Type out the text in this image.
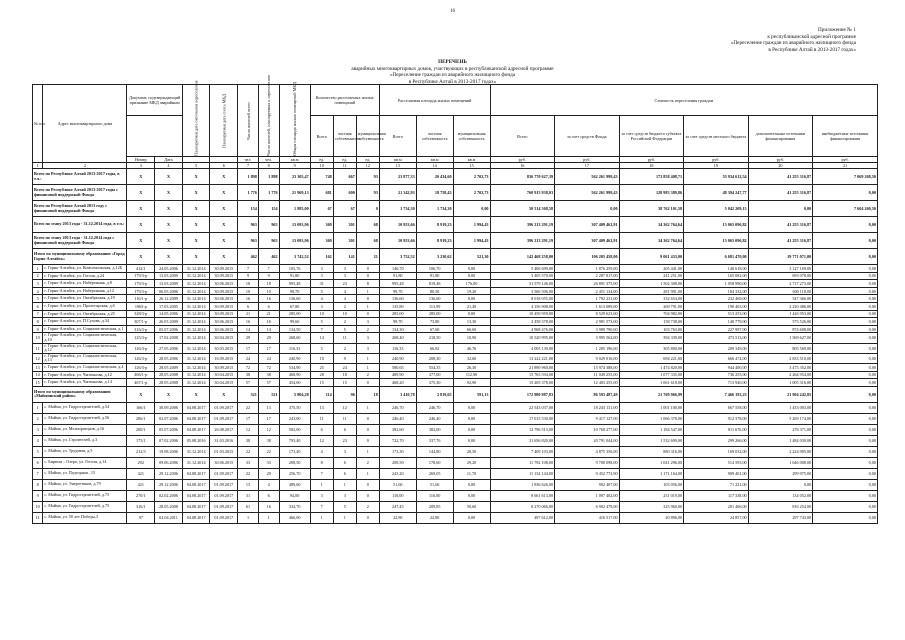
16
Приложение № 1
к республиканской адресной программе
«Переселение граждан из аварийного жилищного фонда
в Республике Алтай в 2013-2017 годах»
ПЕРЕЧЕНЬ
аварийных многоквартирных домов, участвующих в республиканской адресной программе
«Переселение граждан из аварийного жилищного фонда
в Республике Алтай в 2013-2017 годах»
№ п/п	Адрес многоквартирного дома	Документ, подтверждающий признание МКД аварийным		Планируемая дата окончания переселения	Планируемая дата сноса МКД	Число жителей всего	Число жителей, планируемых к переселению	Общая площадь жилых помещений МКД	Количество расселяемых жилых помещений			Расселяемая площадь жилых помещений			Стоимость переселения граждан					
									Всего	частная собственность	муниципальная собственность	Всего	частная собственность	муниципальная собственность	Всего	за счет средств Фонда	за счет средств бюджета субъекта Российской Федерации	за счет средств местного бюджета	дополнительные источники финансирования	внебюджетные источники финансирования
		Номер	Дата			чел.	чел.	кв.м	ед.	ед.	ед.	кв.м	кв.м	кв.м	руб.	руб.	руб.	руб.	руб.	руб.
1	2	3	4	5	6	7	8	9	10	11	12	13	14	15	16	17	18	19	20	21
Всего по Республике Алтай 2013-2017 годы, в т.ч.:		X	X	X	X	1 898	1 898	23 305,47	748	667	93	23 877,33	20 434,60	2 702,73	836 770 627,39	562 261 999,43	173 858 408,71	53 934 612,54	41 255 316,87	7 069 268,50
Всего по Республике Алтай 2013-2017 годы с финансовой поддержкой Фонда		X	X	X	X	1 776	1 776	21 969,13	681	600	93	21 342,93	18 758,43	2 702,73	760 915 938,03	562 261 999,43	128 983 389,86	48 394 247,77	41 255 316,87	0,00
Всего по Республике Алтай 2013 году с финансовой поддержкой Фонда		X	X	X	X	154	154	1 885,00	67	67	0	1 734,30	1 734,30	0,00	50 514 568,58	0,00	38 762 101,58	5 042 209,15	0,00	7 604 260,50
Всего по этапу 2013 года - 31.12.2014 года, в т.ч.:		X	X	X	X	963	963	13 093,96	369	301	68	10 953,66	8 919,23	1 994,43	396 213 291,19	307 409 462,91	34 362 764,64	13 065 096,82	41 255 316,87	0,00
Всего по этапу 2013 года - 31.12.2014 года с финансовой поддержкой Фонда		X	X	X	X	963	963	13 093,96	369	301	68	10 953,66	8 919,23	1 994,43	396 213 291,19	307 409 462,91	34 362 764,64	13 065 096,82	41 255 316,87	0,00
Итого по муниципальному образованию «Город Горно-Алтайск»		X	X	X	X	462	462	3 742,52	162	141	21	3 752,52	3 230,62	521,30	142 468 258,00	106 205 458,00	9 061 433,00	6 681 470,00	19 771 071,00	0,00
1	г. Горно-Алтайск, ул. Комсомольская, д.12Б	412/1	24.05.2006	31.12.2014	30.09.2015	7	7	105,76	3	3	0	146,70	106,70	0,00	5 406 699,00	1 876 259,00	205 441,00	140 618,00	3 127 169,00	0,00
2	г. Горно-Алтайск, ул. Гоголя, д.24	179/3-р	13.03.2009	31.12.2014	30.09.2015	9	9	91,80	3	3	0	91,80	91,80	0,00	3 405 570,00	2 287 817,00	241 251,00	165 082,00	693 078,00	0,00
3	г. Горно-Алтайск, ул. Набережная, д.8	179/3-р	13.03.2009	31.12.2014	30.06.2015	18	18	995,48	31	23	8	995,48	819,48	176,00	31 579 146,00	26 891 375,00	1 502 308,00	1 058 990,00	2 717 273,00	0,00
4	г. Горно-Алтайск, ул. Набережная, д.12	179/3-р	06.05.2006	31.12.2014	30.09.2015	10	10	99,70	5	4	1	99,70	80,50	19,20	3 566 506,00	2 451 134,00	281 991,00	184 332,00	600 118,00	0,00
5	г. Горно-Алтайск, ул. Октябрьская, д.19	116/1-р	26.12.2009	31.12.2014	30.06.2015	16	16	136,60	4	4	0	136,60	136,60	0,00	8 018 055,00	1 792 231,00	332 654,00	232 469,00	547 366,00	0,00
6	г. Горно-Алтайск, ул. Пролетарская, д.6	1965-р	17.03.2005	31.12.2014	30.09.2015	6	6	67,80	3	2	1	135,80	113,99	21,49	4 156 908,00	1 613 089,00	269 791,00	190 403,00	2 220 486,00	0,00
7	г. Горно-Алтайск, ул. Октябрьская, д.25	328/3-р	14.05.2006	31.12.2014	30.09.2015	21	21	285,00	10	10	0	285,00	285,00	0,00	10 459 959,00	8 529 623,00	704 982,00	513 253,00	1 426 953,00	0,00
8	г. Горно-Алтайск, ул. П.Сухова, д.34	307/1-р	26.03.2009	31.12.2014	30.06.2015	16	16	99,60	5	2	3	99,70	73,80	13,30	2 458 378,00	2 981 573,00	158 738,00	140 779,00	573 526,00	0,00
9	г. Горно-Алтайск, ул. Социалистическая, д.1	316/3-р	05.07.2006	31.12.2014	30.06.2015	14	14	134,50	7	5	2	134,30	67,60	66,60	4 968 476,00	3 989 790,00	103 763,00	227 997,00	874 608,00	0,00
10	г. Горно-Алтайск, ул. Социалистическая, д.10	125/3-р	17.02.2008	31.12.2014	30.04.2015	29	29	268,60	14	11	3	268,40	218,50	10,90	10 520 995,00	3 995 562,00	394 339,00	473 513,00	1 569 627,00	0,00
11	г. Горно-Алтайск, ул. Социалистическая, д.12	126/3-р	27.05.2006	31.12.2014	30.03.2015	17	17	116,33	5	2	3	116,33	66,82	46,76	4 005 139,00	1 205 196,00	305 800,00	209 349,00	805 569,00	0,00
12	г. Горно-Алтайск, ул. Социалистическая, д.13	126/3-р	28.05.2006	31.12.2014	16.09.2015	24	24	240,90	10	9	1	240,90	208,30	32,60	13 222 221,00	9 029 016,00	694 221,00	666 474,00	2 833 510,00	0,00
13	г. Горно-Алтайск, ул. Социалистическая, д.4	126/3-р	28.05.2009	31.12.2014	30.09.2015	72	72	534,90	25	24	1	580,65	554,35	26,30	21 890 960,00	15 974 388,00	1 474 820,00	944 400,00	3 475 352,00	0,00
14	г. Горно-Алтайск, ул. Чаптынова, д.12	466/1-р	28.05.2008	31.12.2014	30.04.2015	38	38	468,90	28	18	2	489,90	377,00	112,90	15 763 594,00	11 049 255,00	1 077 335,00	736 255,00	2 264 954,00	0,00
15	г. Горно-Алтайск, ул. Чаптынова, д.14	467/1-р	28.05.2008	31.12.2014	30.04.2015	57	57	454,00	15	15	0	468,20	375,30	92,90	15 205 378,00	12 403 255,00	1 061 618,00	713 940,00	1 005 316,00	0,00
Итого по муниципальному образованию «Майминский район»		X	X	X	X	521	521	5 804,28	114	96	18	3 410,78	2 819,65	591,13	172 980 987,83	86 593 487,49	21 769 966,99	7 466 193,23	21 904 242,85	0,00
1	с. Майма, ул. Гидростроителей, д.54	166/1	30.09.2006	04.08.2017	01.09.2017	22	13	375,50	13	12	1	246,70	246,70	0,00	22 543 037,00	18 243 131,00	1 001 100,00	667 558,00	1 433 003,00	0,00
2	с. Майма, ул. Гидростроителей, д.56	206/1	02.07.2006	04.08.2017	01.09.2017	17	17	243,00	11	11	0	246,40	246,40	0,00	17 015 530,00	9 417 127,00	1 066 378,00	912 378,00	5 269 174,00	0,00
3	с. Майма, ул. Мелиораторов, д.16	200/1	05.07.2006	04.08.2017	26.08.2017	12	12	582,00	6	6	0	382,60	382,00	0,00	12 796 513,00	10 760 277,00	1 184 547,00	811 676,00	276 371,00	0,00
4	с. Майма, ул. Строителей, д.3	175/1	07.02.2006	05.08.2016	31.03.2016	38	38	793,40	12	23	0	722,70	337,76	0,00	31 656 820,00	20 791 044,00	1 532 699,00	299 266,00	1 484 030,00	0,00
5	с. Майма, ул. Трудовая, д.5	212/3	19.08.2006	31.12.2014	01.03.2015	22	22	173,40	4	3	1	173,30	144,80	28,50	7 409 103,00	4 875 356,00	880 316,00	169 032,00	2 224 905,00	0,00
6	с. Бирюля – Озеро, ул. Гоголя, д.14	292	09.06.2006	31.12.2014	30.06.2015	33	33	208,50	8	6	2	208,50	178,60	29,20	11 792 108,00	9 700 098,00	1 041 296,00	514 593,00	1 646 008,00	0,00
7	с. Майма, ул. Подгорная , 15	421	29.12.2006	04.08.2017	01.09.2017	22	29	256,70	7	6	1	243,20	269,05	11,70	11 134 144,00	9 452 772,90	1 171 164,00	909 401,00	299 975,00	0,00
8	с. Майма, ул. Энергетиков, д.79	421	29.12.2006	04.08.2017	01.09.2017	13	4	489,60	1	1	0	51,60	51,60	0,00	1 836 626,00	902 407,00	103 056,00	71 221,00	0,00	0,00
9	с. Майма, ул. Гидростроителей, д.75	270/1	02.02.2006	04.08.2017	01.09.2017	31	6	94,00	3	3	0	110,00	116,00	0,00	8 661 613,00	1 097 402,00	251 019,00	117 338,00	134 052,00	0,00
10	с. Майма, ул. Гидростроителей, д.75	316/1	28.05.2008	04.08.2017	01.09.2017	61	16	334,70	7	5	2	247,45	209,85	50,60	8 270 066,00	6 902 479,00	325 960,00	201 406,00	816 254,00	0,00
11	с. Майма, ул. 50 лет Победы,3	97	02.04.2011	04.08.2017	01.09.2017	1	1	466,00	1	1	0	22,80	22,80	0,00	497 612,00	416 517,00	20 896,00	24 857,00	297 743,00	0,00
